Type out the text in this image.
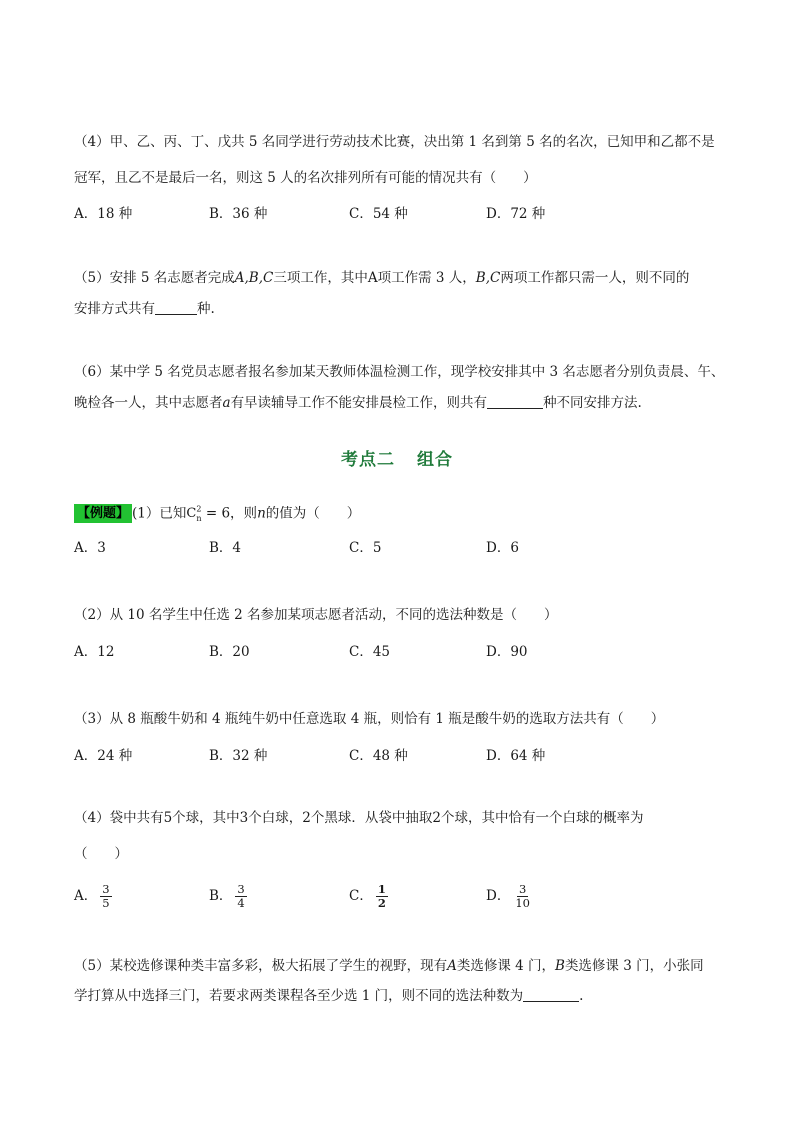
（4）甲、乙、丙、丁、戊共 5 名同学进行劳动技术比赛，决出第 1 名到第 5 名的名次，已知甲和乙都不是
冠军，且乙不是最后一名，则这 5 人的名次排列所有可能的情况共有（　　）
A．18 种	B．36 种	C．54 种	D．72 种
（5）安排 5 名志愿者完成A,B,C三项工作，其中A项工作需 3 人，B,C两项工作都只需一人，则不同的
安排方式共有	种.
（6）某中学 5 名党员志愿者报名参加某天教师体温检测工作，现学校安排其中 3 名志愿者分别负责晨、午、
晚检各一人，其中志愿者a有早读辅导工作不能安排晨检工作，则共有	种不同安排方法.
考点二 组合
【例题】 (1）已知$C^2_n = 6$，则n的值为（　　）
A．3	B．4	C．5	D．6
（2）从 10 名学生中任选 2 名参加某项志愿者活动，不同的选法种数是（　　）
A．12	B．20	C．45	D．90
（3）从 8 瓶酸牛奶和 4 瓶纯牛奶中任意选取 4 瓶，则恰有 1 瓶是酸牛奶的选取方法共有（　　）
A．24 种	B．32 种	C．48 种	D．64 种
（4）袋中共有5个球，其中3个白球，2个黑球．从袋中抽取2个球，其中恰有一个白球的概率为
（　　）
A． $\frac{3}{5}$	B． $\frac{3}{4}$	C． $\frac{1}{2}$	D． $\frac{3}{10}$
（5）某校选修课种类丰富多彩，极大拓展了学生的视野，现有A类选修课 4 门，B类选修课 3 门，小张同
学打算从中选择三门，若要求两类课程各至少选 1 门，则不同的选法种数为	.
